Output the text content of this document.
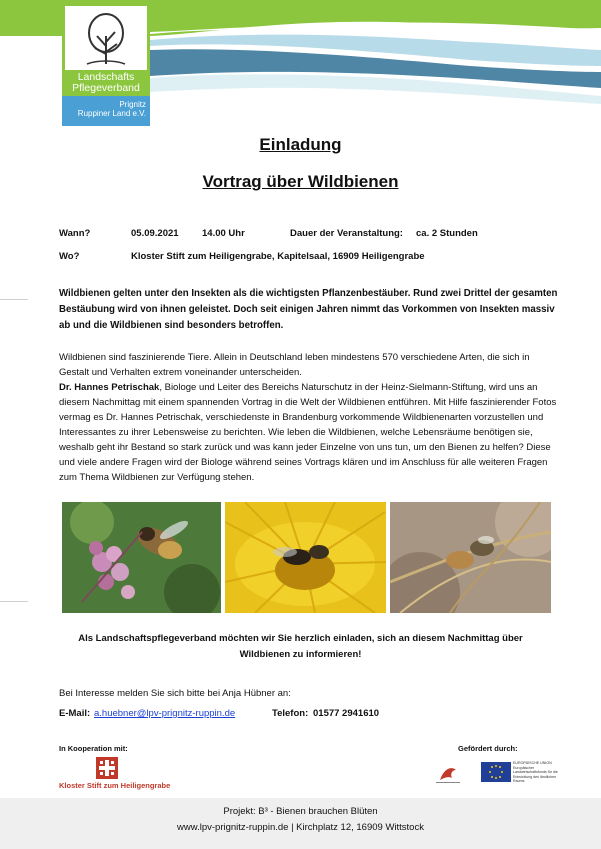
Landschafts
Pflegeverband
Prignitz
Ruppiner Land e.V.
Einladung
Vortrag über Wildbienen
Wann?	05.09.2021 14.00 Uhr	Dauer der Veranstaltung: ca. 2 Stunden
Wo?	Kloster Stift zum Heiligengrabe, Kapitelsaal, 16909 Heiligengrabe
Wildbienen gelten unter den Insekten als die wichtigsten Pflanzenbestäuber. Rund zwei Drittel der gesamten Bestäubung wird von ihnen geleistet. Doch seit einigen Jahren nimmt das Vorkommen von Insekten massiv ab und die Wildbienen sind besonders betroffen.
Wildbienen sind faszinierende Tiere. Allein in Deutschland leben mindestens 570 verschiedene Arten, die sich in Gestalt und Verhalten extrem voneinander unterscheiden.
Dr. Hannes Petrischak, Biologe und Leiter des Bereichs Naturschutz in der Heinz-Sielmann-Stiftung, wird uns an diesem Nachmittag mit einem spannenden Vortrag in die Welt der Wildbienen entführen. Mit Hilfe faszinierender Fotos vermag es Dr. Hannes Petrischak, verschiedenste in Brandenburg vorkommende Wildbienenarten vorzustellen und Interessantes zu ihrer Lebensweise zu berichten. Wie leben die Wildbienen, welche Lebensräume benötigen sie, weshalb geht ihr Bestand so stark zurück und was kann jeder Einzelne von uns tun, um den Bienen zu helfen? Diese und viele andere Fragen wird der Biologe während seines Vortrags klären und im Anschluss für alle weiteren Fragen zum Thema Wildbienen zur Verfügung stehen.
Als Landschaftspflegeverband möchten wir Sie herzlich einladen, sich an diesem Nachmittag über
Wildbienen zu informieren!
Bei Interesse melden Sie sich bitte bei Anja Hübner an:
E-Mail: a.huebner@lpv-prignitz-ruppin.de	Telefon: 01577 2941610
In Kooperation mit:
Kloster Stift zum Heiligengrabe
Gefördert durch:
EUROPÄISCHE UNION Europäischer Landwirtschaftsfonds für die Entwicklung des ländlichen Raums
Projekt: B³ - Bienen brauchen Blüten
www.lpv-prignitz-ruppin.de | Kirchplatz 12, 16909 Wittstock
